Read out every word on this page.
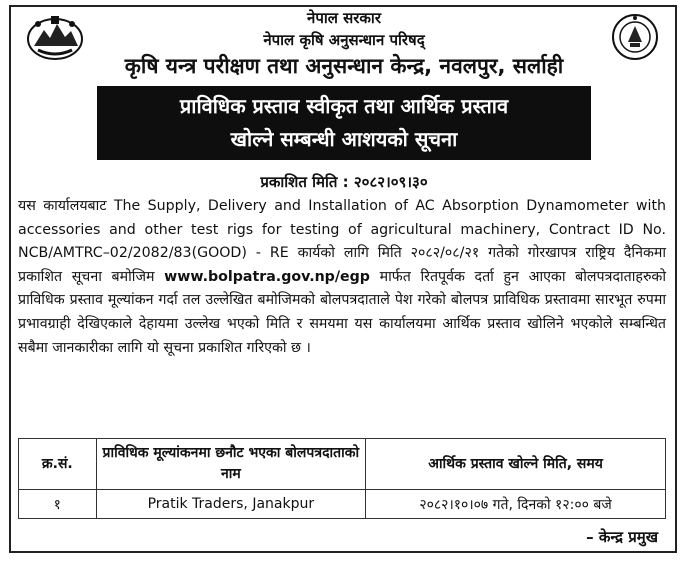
नेपाल सरकार
नेपाल कृषि अनुसन्धान परिषद्
कृषि यन्त्र परीक्षण तथा अनुसन्धान केन्द्र, नवलपुर, सर्लाही
प्राविधिक प्रस्ताव स्वीकृत तथा आर्थिक प्रस्ताव
खोल्ने सम्बन्धी आशयको सूचना
प्रकाशित मिति : २०८२।०९।३०
यस कार्यालयबाट The Supply, Delivery and Installation of AC Absorption Dynamometer with accessories and other test rigs for testing of agricultural machinery, Contract ID No. NCB/AMTRC–02/2082/83(GOOD) - RE कार्यको लागि मिति २०८२/०८/२१ गतेको गोरखापत्र राष्ट्रिय दैनिकमा प्रकाशित सूचना बमोजिम www.bolpatra.gov.np/egp मार्फत रितपूर्वक दर्ता हुन आएका बोलपत्रदाताहरुको प्राविधिक प्रस्ताव मूल्यांकन गर्दा तल उल्लेखित बमोजिमको बोलपत्रदाताले पेश गरेको बोलपत्र प्राविधिक प्रस्तावमा सारभूत रुपमा प्रभावग्राही देखिएकाले देहायमा उल्लेख भएको मिति र समयमा यस कार्यालयमा आर्थिक प्रस्ताव खोलिने भएकोले सम्बन्धित सबैमा जानकारीका लागि यो सूचना प्रकाशित गरिएको छ ।
क्र.सं.	प्राविधिक मूल्यांकनमा छनौट भएका बोलपत्रदाताको नाम	आर्थिक प्रस्ताव खोल्ने मिति, समय
१	Pratik Traders, Janakpur	२०८२।१०।०७ गते, दिनको १२:०० बजे
– केन्द्र प्रमुख
